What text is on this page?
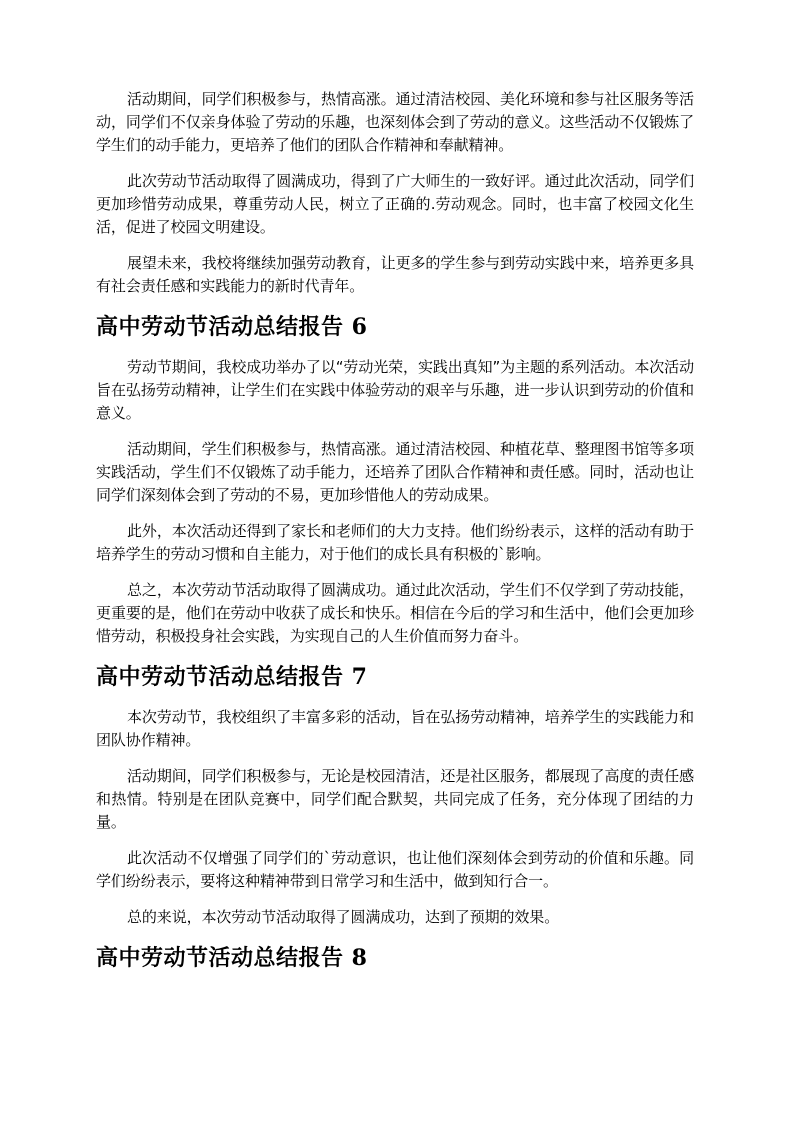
活动期间，同学们积极参与，热情高涨。通过清洁校园、美化环境和参与社区服务等活动，同学们不仅亲身体验了劳动的乐趣，也深刻体会到了劳动的意义。这些活动不仅锻炼了学生们的动手能力，更培养了他们的团队合作精神和奉献精神。

此次劳动节活动取得了圆满成功，得到了广大师生的一致好评。通过此次活动，同学们更加珍惜劳动成果，尊重劳动人民，树立了正确的.劳动观念。同时，也丰富了校园文化生活，促进了校园文明建设。

展望未来，我校将继续加强劳动教育，让更多的学生参与到劳动实践中来，培养更多具有社会责任感和实践能力的新时代青年。

高中劳动节活动总结报告 6

劳动节期间，我校成功举办了以“劳动光荣，实践出真知”为主题的系列活动。本次活动旨在弘扬劳动精神，让学生们在实践中体验劳动的艰辛与乐趣，进一步认识到劳动的价值和意义。

活动期间，学生们积极参与，热情高涨。通过清洁校园、种植花草、整理图书馆等多项实践活动，学生们不仅锻炼了动手能力，还培养了团队合作精神和责任感。同时，活动也让同学们深刻体会到了劳动的不易，更加珍惜他人的劳动成果。

此外，本次活动还得到了家长和老师们的大力支持。他们纷纷表示，这样的活动有助于培养学生的劳动习惯和自主能力，对于他们的成长具有积极的`影响。

总之，本次劳动节活动取得了圆满成功。通过此次活动，学生们不仅学到了劳动技能，更重要的是，他们在劳动中收获了成长和快乐。相信在今后的学习和生活中，他们会更加珍惜劳动，积极投身社会实践，为实现自己的人生价值而努力奋斗。

高中劳动节活动总结报告 7

本次劳动节，我校组织了丰富多彩的活动，旨在弘扬劳动精神，培养学生的实践能力和团队协作精神。

活动期间，同学们积极参与，无论是校园清洁，还是社区服务，都展现了高度的责任感和热情。特别是在团队竞赛中，同学们配合默契，共同完成了任务，充分体现了团结的力量。

此次活动不仅增强了同学们的`劳动意识，也让他们深刻体会到劳动的价值和乐趣。同学们纷纷表示，要将这种精神带到日常学习和生活中，做到知行合一。

总的来说，本次劳动节活动取得了圆满成功，达到了预期的效果。

高中劳动节活动总结报告 8
